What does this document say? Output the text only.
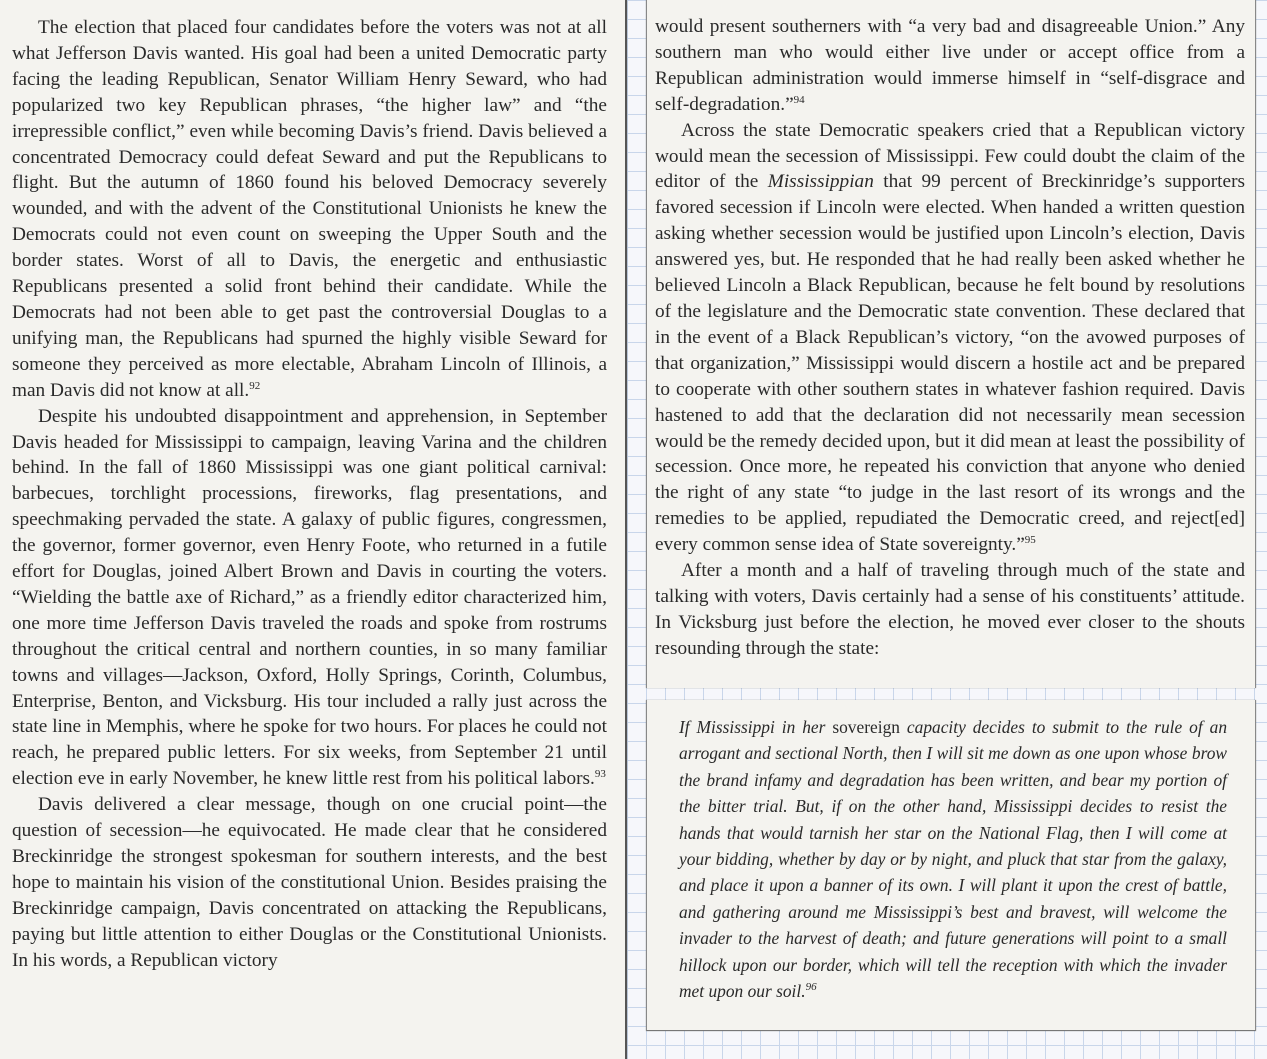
The election that placed four candidates before the voters was not at all what Jefferson Davis wanted. His goal had been a united Democratic party facing the leading Republican, Senator William Henry Seward, who had popularized two key Republican phrases, “the higher law” and “the irrepressible conflict,” even while becoming Davis’s friend. Davis believed a concentrated Democracy could defeat Seward and put the Republicans to flight. But the autumn of 1860 found his beloved Democracy severely wounded, and with the advent of the Constitutional Unionists he knew the Democrats could not even count on sweeping the Upper South and the border states. Worst of all to Davis, the energetic and enthusiastic Republicans presented a solid front behind their candidate. While the Democrats had not been able to get past the controversial Douglas to a unifying man, the Republicans had spurned the highly visible Seward for someone they perceived as more electable, Abraham Lincoln of Illinois, a man Davis did not know at all.$^{92}$

Despite his undoubted disappointment and apprehension, in September Davis headed for Mississippi to campaign, leaving Varina and the children behind. In the fall of 1860 Mississippi was one giant political carnival: barbecues, torchlight processions, fireworks, flag presentations, and speechmaking pervaded the state. A galaxy of public figures, congressmen, the governor, former governor, even Henry Foote, who returned in a futile effort for Douglas, joined Albert Brown and Davis in courting the voters. “Wielding the battle axe of Richard,” as a friendly editor characterized him, one more time Jefferson Davis traveled the roads and spoke from rostrums throughout the critical central and northern counties, in so many familiar towns and villages—Jackson, Oxford, Holly Springs, Corinth, Columbus, Enterprise, Benton, and Vicksburg. His tour included a rally just across the state line in Memphis, where he spoke for two hours. For places he could not reach, he prepared public letters. For six weeks, from September 21 until election eve in early November, he knew little rest from his political labors.$^{93}$

Davis delivered a clear message, though on one crucial point—the question of secession—he equivocated. He made clear that he considered Breckinridge the strongest spokesman for southern interests, and the best hope to maintain his vision of the constitutional Union. Besides praising the Breckinridge campaign, Davis concentrated on attacking the Republicans, paying but little attention to either Douglas or the Constitutional Unionists. In his words, a Republican victory

would present southerners with “a very bad and disagreeable Union.” Any southern man who would either live under or accept office from a Republican administration would immerse himself in “self-disgrace and self-degradation.”$^{94}$

Across the state Democratic speakers cried that a Republican victory would mean the secession of Mississippi. Few could doubt the claim of the editor of the Mississippian that 99 percent of Breckinridge’s supporters favored secession if Lincoln were elected. When handed a written question asking whether secession would be justified upon Lincoln’s election, Davis answered yes, but. He responded that he had really been asked whether he believed Lincoln a Black Republican, because he felt bound by resolutions of the legislature and the Democratic state convention. These declared that in the event of a Black Republican’s victory, “on the avowed purposes of that organization,” Mississippi would discern a hostile act and be prepared to cooperate with other southern states in whatever fashion required. Davis hastened to add that the declaration did not necessarily mean secession would be the remedy decided upon, but it did mean at least the possibility of secession. Once more, he repeated his conviction that anyone who denied the right of any state “to judge in the last resort of its wrongs and the remedies to be applied, repudiated the Democratic creed, and reject[ed] every common sense idea of State sovereignty.”$^{95}$

After a month and a half of traveling through much of the state and talking with voters, Davis certainly had a sense of his constituents’ attitude. In Vicksburg just before the election, he moved ever closer to the shouts resounding through the state:

If Mississippi in her sovereign capacity decides to submit to the rule of an arrogant and sectional North, then I will sit me down as one upon whose brow the brand infamy and degradation has been written, and bear my portion of the bitter trial. But, if on the other hand, Mississippi decides to resist the hands that would tarnish her star on the National Flag, then I will come at your bidding, whether by day or by night, and pluck that star from the galaxy, and place it upon a banner of its own. I will plant it upon the crest of battle, and gathering around me Mississippi’s best and bravest, will welcome the invader to the harvest of death; and future generations will point to a small hillock upon our border, which will tell the reception with which the invader met upon our soil.$^{96}$
